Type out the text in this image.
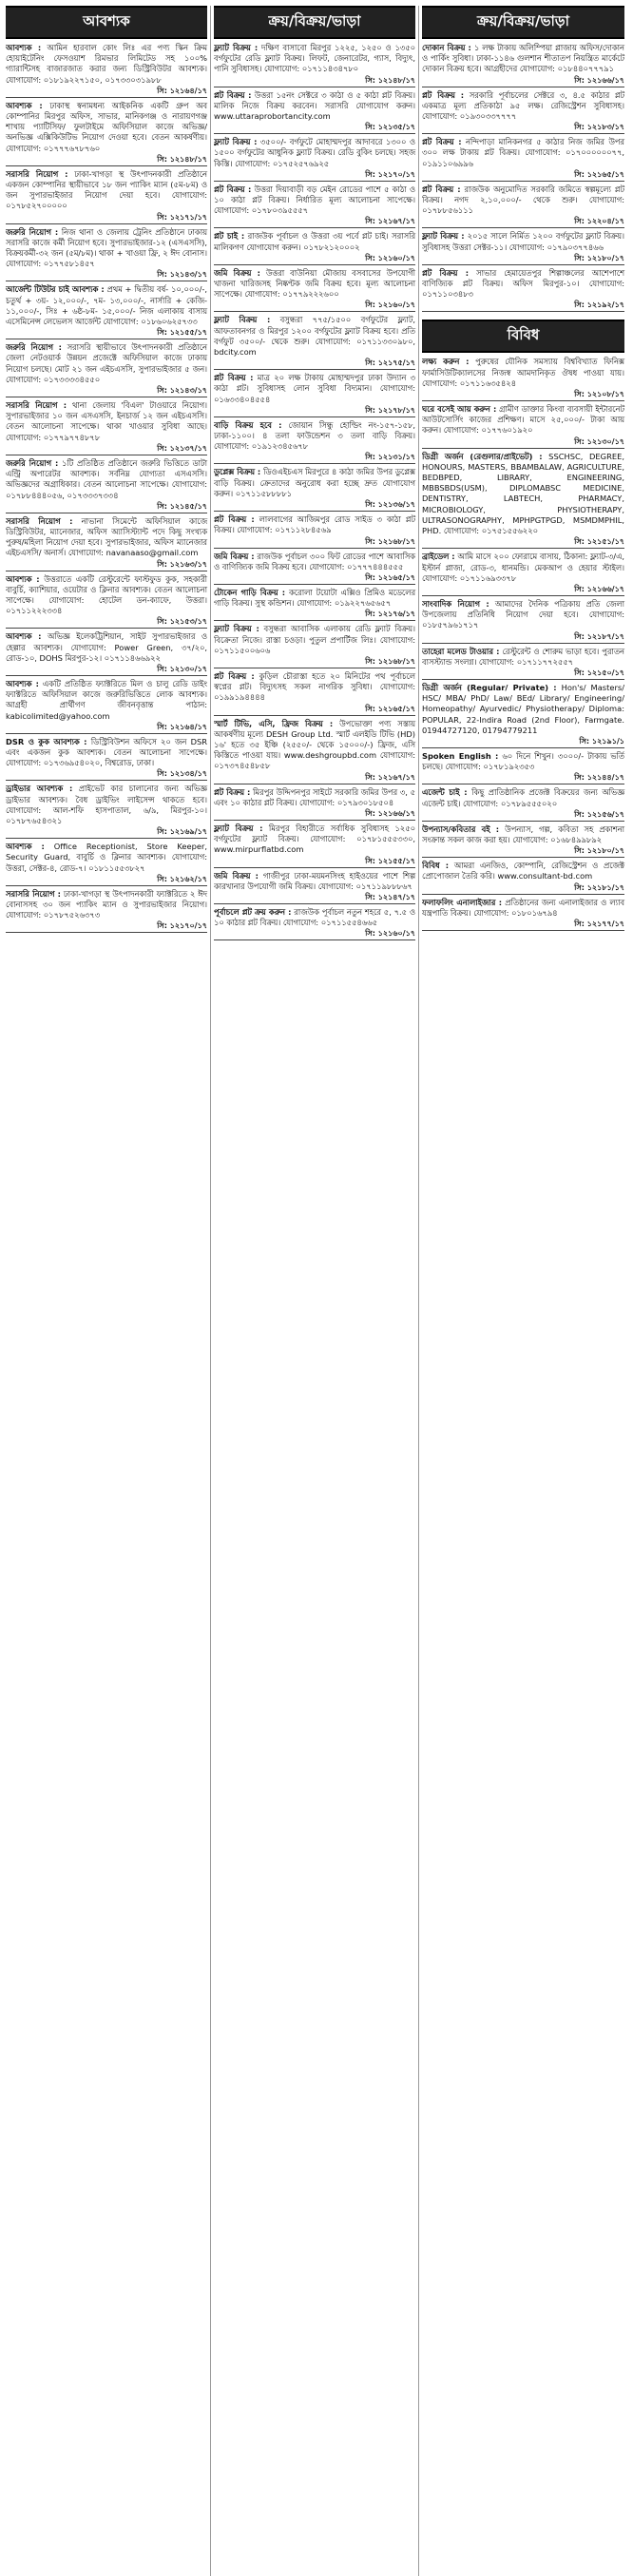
আবশ্যক

আবশ্যক : আমিন হারবাল কোং লিঃ এর পণ্য স্কিন ক্রিম হোয়াইটেনিং ফেসওয়াশ রিমভার লিমিটেড সহ ১০০% গ্যারান্টিসহ বাজারজাত করার জন্য ডিস্ট্রিবিউটর আবশ্যক। যোগাযোগ: ০১৮১৯২২৭১৫০, ০১৭৩৩০৩১৯৮৮

সি: ১২১৬৪/১৭

আবশ্যক : ঢাকাস্থ স্বনামধন্য আইকনিক একটি গ্রুপ অব কোম্পানির মিরপুর অফিস, সাভার, মানিকগঞ্জ ও নারায়ণগঞ্জ শাখায় প্যাটিসিফ/ ফুলটাইমে অফিসিয়াল কাজে অভিজ্ঞ/ অনভিজ্ঞ এক্সিকিউটিভ নিয়োগ দেওয়া হবে। বেতন আকর্ষণীয়। যোগাযোগ: ০১৭৭৭৬৭৮৭৬০

সি: ১২১৪৮/১৭

সরাসরি নিয়োগ : ঢাকা-খাগড়া স্থ উৎপাদনকারী প্রতিষ্ঠানে একজন কোম্পানির স্থায়ীভাবে ১৮ জন প্যাকিং ম্যান (৫ম-৮ম) ও জন সুপারভাইজার নিয়োগ দেয়া হবে। যোগাযোগ: ০১৭৮৫২৭০০০০০

সি: ১২১৭১/১৭

জরুরি নিয়োগ : নিজ থানা ও জেলায় ট্রেনিং প্রতিষ্ঠানে ঢাকায় সরাসরি কাজে কর্মী নিয়োগ হবে। সুপারভাইজার-১২ (এসএসসি), বিক্রয়কর্মী-৩২ জন (৫ম/৮ম)। থাকা + খাওয়া ফ্রি, ২ ঈদ বোনাস। যোগাযোগ: ০১৭৭৫৮১৪৫৭

সি: ১২১৪৩/১৭

আর্জেন্ট টিউটর চাই আবশ্যক : প্রথম + দ্বিতীয় বর্ষ- ১০,০০০/-, চতুর্থ + ৩য়- ১২,০০০/-, ৭ম- ১৩,০০০/-, নার্সারি + কেজি- ১১,০০০/-, সিঃ + ৬ষ্ঠ-৮ম- ১৫,০০০/- নিজ এলাকায় বাসায় এসেমিনেন্স লেভেলস আর্জেন্ট যোগাযোগ: ০১৮৬০৬২৫৭৩৩

সি: ১২১৫৫/১৭

জরুরি নিয়োগ : সরাসরি স্থায়ীভাবে উৎপাদনকারী প্রতিষ্ঠানে জেলা নেটওয়ার্ক উন্নয়ন প্রজেক্টে অফিসিয়াল কাজে ঢাকায় নিয়োগ চলছে। মোট ২১ জন এইচএসসি, সুপারভাইজার ৫ জন। যোগাযোগ: ০১৭৩৩৩৩৪৫৫০

সি: ১২১৪৩/১৭

সরাসরি নিয়োগ : থানা জেলায় 'বিএল' টাওয়ারে নিয়োগ। সুপারভাইজার ১০ জন এসএসসি, ইনচার্জ ১২ জন এইচএসসি। বেতন আলোচনা সাপেক্ষে। থাকা খাওয়ার সুবিধা আছে। যোগাযোগ: ০১৭৭৯৭৭৪৮৭৮

সি: ১২১৩৭/১৭

জরুরি নিয়োগ : ১টি প্রতিষ্ঠিত প্রতিষ্ঠানে জরুরি ভিত্তিতে ডাটা এন্ট্রি অপারেটর আবশ্যক। সর্বনিম্ন যোগ্যতা এসএসসি। অভিজ্ঞদের অগ্রাধিকার। বেতন আলোচনা সাপেক্ষে। যোগাযোগ: ০১৭৮৮৪৪৪০৫৬, ০১৭৩৩৩৭৩৩৪

সি: ১২১৪৫/১৭

সরাসরি নিয়োগ : নাভানা সিমেন্টে অফিসিয়াল কাজে ডিস্ট্রিবিউটর, ম্যানেজার, অফিস অ্যাসিস্ট্যান্ট পদে কিছু সংখ্যক পুরুষ/মহিলা নিয়োগ দেয়া হবে। সুপারভাইজার, অফিস ম্যানেজার এইচএসসি/ অনার্স। যোগাযোগ: navanaaso@gmail.com

সি: ১২১৬৩/১৭

আবশ্যক : উত্তরাতে একটি রেস্টুরেন্টে ফাস্টফুড কুক, সহকারী বাবুর্চি, ক্যাশিয়ার, ওয়েটার ও ক্লিনার আবশ্যক। বেতন আলোচনা সাপেক্ষে। যোগাযোগ: হোটেল ডন-ক্যাফে, উত্তরা। ০১৭১১২২২৩৩৪

সি: ১২১৫৩/১৭

আবশ্যক : অভিজ্ঞ ইলেকট্রিশিয়ান, সাইট সুপারভাইজার ও হেল্পার আবশ্যক। যোগাযোগ: Power Green, ৩৭/২০, রোড-১০, DOHS মিরপুর-১২। ০১৭১১৪৬৬৯২২

সি: ১২১৩০/১৭

আবশ্যক : একটি প্রতিষ্ঠিত ফ্যাক্টরিতে মিল ও চালু রেডি ডাইং ফ্যাক্টরিতে অফিসিয়াল কাজে জরুরিভিত্তিতে লোক আবশ্যক। আগ্রহী প্রার্থীগণ জীবনবৃত্তান্ত পাঠান: kabicolimited@yahoo.com

সি: ১২১৬৪/১৭

DSR ও কুক আবশ্যক : ডিস্ট্রিবিউশন অফিসে ২০ জন DSR এবং একজন কুক আবশ্যক। বেতন আলোচনা সাপেক্ষে। যোগাযোগ: ০১৭৩৬৯৫৪০২০, বিশ্বরোড, ঢাকা।

সি: ১২১৩৪/১৭

ড্রাইভার আবশ্যক : প্রাইভেট কার চালানোর জন্য অভিজ্ঞ ড্রাইভার আবশ্যক। বৈধ ড্রাইভিং লাইসেন্স থাকতে হবে। যোগাযোগ: আল-শফি হাসপাতাল, ৬/৯, মিরপুর-১০। ০১৭৮৭৬৫৪৩২১

সি: ১২১৬৯/১৭

আবশ্যক : Office Receptionist, Store Keeper, Security Guard, বাবুর্চি ও ক্লিনার আবশ্যক। যোগাযোগ: উত্তরা, সেক্টর-৪, রোড-৭। ০১৮১১৫৫৩৮২৭

সি: ১২১৬২/১৭

সরাসরি নিয়োগ : ঢাকা-খাগড়া স্থ উৎপাদনকারী ফ্যাক্টরিতে ২ ঈদ বোনাসসহ ৩০ জন প্যাকিং ম্যান ও সুপারভাইজার নিয়োগ। যোগাযোগ: ০১৭৮৭৫২৬৩৭৩

সি: ১২১৭০/১৭
ক্রয়/বিক্রয়/ভাড়া

ফ্ল্যাট বিক্রয় : দক্ষিণ বাসাবো মিরপুর ১২২৫, ১২৫০ ও ১৩৫০ বর্গফুটের রেডি ফ্ল্যাট বিক্রয়। লিফট, জেনারেটর, গ্যাস, বিদ্যুৎ, পানি সুবিধাসহ। যোগাযোগ: ০১৭১১৪৩৪৭৮০

সি: ১২১৪৮/১৭

প্লট বিক্রয় : উত্তরা ১৫নং সেক্টরে ৩ কাঠা ও ৫ কাঠা প্লট বিক্রয়। মালিক নিজে বিক্রয় করবেন। সরাসরি যোগাযোগ করুন। www.uttaraprobortancity.com

সি: ১২১৩৫/১৭

ফ্ল্যাট বিক্রয় : ৩৫০০/- বর্গফুটে মোহাম্মদপুর আদাবরে ১৩০০ ও ১৫০০ বর্গফুটের আধুনিক ফ্ল্যাট বিক্রয়। রেডি বুকিং চলছে। সহজ কিস্তি। যোগাযোগ: ০১৭৫২৫৭৬৯২৫

সি: ১২১৭০/১৭

প্লট বিক্রয় : উত্তরা দিয়াবাড়ী বড় মেইন রোডের পাশে ৫ কাঠা ও ১০ কাঠা প্লট বিক্রয়। নির্ধারিত মূল্য আলোচনা সাপেক্ষে। যোগাযোগ: ০১৭৮০৩৯৫৫৫৭

সি: ১২১৬৭/১৭

প্লট চাই : রাজউক পূর্বাচল ও উত্তরা ৩য় পর্বে প্লট চাই। সরাসরি মালিকগণ যোগাযোগ করুন। ০১৭৮২১২০০০২

সি: ১২১৬০/১৭

জমি বিক্রয় : উত্তরা বাউনিয়া মৌজায় বসবাসের উপযোগী খাজনা খারিজসহ নিষ্কণ্টক জমি বিক্রয় হবে। মূল্য আলোচনা সাপেক্ষে। যোগাযোগ: ০১৭৭৯২২২৬০০

সি: ১২১৬০/১৭

ফ্ল্যাট বিক্রয় : বসুন্ধরা ৭৭৫/১৫০০ বর্গফুটের ফ্ল্যাট, আফতাবনগর ও মিরপুর ১২০০ বর্গফুটের ফ্ল্যাট বিক্রয় হবে। প্রতি বর্গফুট ৩৫০০/- থেকে শুরু। যোগাযোগ: ০১৭১১৩৩০৯৮০, bdcity.com

সি: ১২১৭৫/১৭

প্লট বিক্রয় : মাত্র ২০ লক্ষ টাকায় মোহাম্মদপুর ঢাকা উদ্যান ৩ কাঠা প্লট। সুবিধাসহ লোন সুবিধা বিদ্যমান। যোগাযোগ: ০১৬৩৩৪০৪৫৫৪

সি: ১২১৭৮/১৭

বাড়ি বিক্রয় হবে : জোয়ান সিন্ধু হোল্ডিং নং-১৫৭-১৫৮, ঢাকা-১১০০। ৪ তলা ফাউন্ডেশন ৩ তলা বাড়ি বিক্রয়। যোগাযোগ: ০১৯১২৩৪৫৬৭৮

সি: ১২১৩১/১৭

ডুপ্লেক্স বিক্রয় : ডিওএইচএস মিরপুরে ৪ কাঠা জমির উপর ডুপ্লেক্স বাড়ি বিক্রয়। ক্রেতাদের অনুরোধ করা হচ্ছে দ্রুত যোগাযোগ করুন। ০১৭১১৫৮৮৮৮১

সি: ১২১৩৬/১৭

প্লট বিক্রয় : লালবাগের আজিমপুর রোড সাইড ৩ কাঠা প্লট বিক্রয়। যোগাযোগ: ০১৭১১২৮৪৫৬৯

সি: ১২১৬৮/১৭

জমি বিক্রয় : রাজউক পূর্বাচল ৩০০ ফিট রোডের পাশে আবাসিক ও বাণিজ্যিক জমি বিক্রয় হবে। যোগাযোগ: ০১৭৭৭৪৪৪৫৫৫

সি: ১২১৬৫/১৭

টোকেন গাড়ি বিক্রয় : করোলা টয়োটা এক্সিও প্রিমিও মডেলের গাড়ি বিক্রয়। সুস্থ কন্ডিশন। যোগাযোগ: ০১৯২২৭৬৫৬৫৭

সি: ১২১৭৬/১৭

ফ্ল্যাট বিক্রয় : বসুন্ধরা আবাসিক এলাকায় রেডি ফ্ল্যাট বিক্রয়। বিক্রেতা নিজে। রাস্তা চওড়া। পুতুল প্রপার্টিজ লিঃ। যোগাযোগ: ০১৭১১৫০০৬০৬

সি: ১২১৬৮/১৭

প্লট বিক্রয় : কুড়িল চৌরাস্তা হতে ২০ মিনিটের পথ পূর্বাচলে স্বপ্নের প্লট। বিদ্যুৎসহ সকল নাগরিক সুবিধা। যোগাযোগ: ০১৯৯১৯৪৪৪৪

সি: ১২১৬৫/১৭

স্মার্ট টিভি, এসি, ফ্রিজ বিক্রয় : উপভোক্তা পণ্য সস্তায় আকর্ষণীয় মূল্যে DESH Group Ltd. স্মার্ট এলইডি টিভি (HD) ১৬' হতে ৩৫ ইঞ্চি (২৫৫০/- থেকে ১৫০০০/-) ফ্রিজ, এসি কিস্তিতে পাওয়া যায়। www.deshgroupbd.com যোগাযোগ: ০১৭৩৭৪৫৪৮৫৮

সি: ১২১৬৭/১৭

প্লট বিক্রয় : মিরপুর উদ্দিপনপুর সাইটে সরকারি জমির উপর ৩, ৫ এবং ১০ কাঠার প্লট বিক্রয়। যোগাযোগ: ০১৭৯৩০১৮৫০৪

সি: ১২১৬৬/১৭

ফ্ল্যাট বিক্রয় : মিরপুর বিহারীতে সর্বাধিক সুবিধাসহ ১২৫০ বর্গফুটের ফ্ল্যাট বিক্রয়। যোগাযোগ: ০১৭৮১৫৫৫৩৩০, www.mirpurflatbd.com

সি: ১২১৫৫/১৭

জমি বিক্রয় : গাজীপুর ঢাকা-ময়মনসিংহ হাইওয়ের পাশে শিল্প কারখানার উপযোগী জমি বিক্রয়। যোগাযোগ: ০১৭১১৯৮৮৮৬৭

সি: ১২১৪৭/১৭

পূর্বাচলে প্লট ক্রয় করুন : রাজউক পূর্বাচল নতুন শহরে ৫, ৭.৫ ও ১০ কাঠার প্লট বিক্রয়। যোগাযোগ: ০১৭১১৫৫৪৬৬৫

সি: ১২১৬০/১৭
ক্রয়/বিক্রয়/ভাড়া

দোকান বিক্রয় : ১ লক্ষ টাকায় অলিম্পিয়া প্লাজায় অফিস/দোকান ও পার্কিং সুবিধা। ঢাকা-১১৪৬ গুলশান শীতাতপ নিয়ন্ত্রিত মার্কেটে দোকান বিক্রয় হবে। আগ্রহীদের যোগাযোগ: ০১৮৪৪০৭৭৭৯১

সি: ১২১৬৬/১৭

প্লট বিক্রয় : সরকারি পূর্বাচলের সেক্টরে ৩, ৪.৫ কাঠার প্লট একমাত্র মূল্য প্রতিকাঠা ৯৫ লক্ষ। রেজিস্ট্রেশন সুবিধাসহ। যোগাযোগ: ০১৯৩০৩৩৭৭৭৭

সি: ১২১৮৩/১৭

প্লট বিক্রয় : নন্দিপাড়া মানিকনগর ৫ কাঠার নিজ জমির উপর ৩০০ লক্ষ টাকায় প্লট বিক্রয়। যোগাযোগ: ০১৭০০০০০০৭৭, ০১৯১১০৬৯৯৬

সি: ১২১৬৫/১৭

প্লট বিক্রয় : রাজউক অনুমোদিত সরকারি জমিতে স্বল্পমূল্যে প্লট বিক্রয়। নগদ ২,১০,০০০/- থেকে শুরু। যোগাযোগ: ০১৭৮৮৫৬১১১

সি: ১২২০৪/১৭

ফ্ল্যাট বিক্রয় : ২০১৫ সালে নির্মিত ১২০০ বর্গফুটের ফ্ল্যাট বিক্রয়। সুবিধাসহ উত্তরা সেক্টর-১১। যোগাযোগ: ০১৭৯০৩৭৭৪৬৬

সি: ১২১৮০/১৭

প্লট বিক্রয় : সাভার হেমায়েতপুর শিল্পাঞ্চলের আশেপাশে বাণিজ্যিক প্লট বিক্রয়। অফিস মিরপুর-১০। যোগাযোগ: ০১৭১১০৩৪৮৩

সি: ১২১৯২/১৭
বিবিধ

লক্ষ্য করুন : পুরুষের যৌনিক সমস্যায় বিশ্ববিখ্যাত ফিনিক্স ফার্মাসিউটিক্যালসের নিজস্ব আমদানিকৃত ঔষধ পাওয়া যায়। যোগাযোগ: ০১৭১১৬৩৫৪২৪

সি: ১২১০৮/১৭

ঘরে বসেই আয় করুন : গ্রামীণ ডাক্তার কিংবা ব্যবসায়ী ইন্টারনেট আউটসোর্সিং কাজের প্রশিক্ষণ। মাসে ২৫,০০০/- টাকা আয় করুন। যোগাযোগ: ০১৭৭৬০১৯২০

সি: ১২১৩০/১৭

ডিগ্রী অর্জন (রেগুলার/প্রাইভেট) : SSCHSC, DEGREE, HONOURS, MASTERS, BBAMBALAW, AGRICULTURE, BEDBPED, LIBRARY, ENGINEERING, MBBSBDS(USM), DIPLOMABSC MEDICINE, DENTISTRY, LABTECH, PHARMACY, MICROBIOLOGY, PHYSIOTHERAPY, ULTRASONOGRAPHY, MPHPGTPGD, MSMDMPHIL, PHD. যোগাযোগ: ০১৭৫১৫৫৬২২০

সি: ১২১৫১/১৭

ব্রাইডেল : আমি মাসে ২০০ ফোরামে বাসায়, ঠিকানা: ফ্ল্যাট-৩/এ, ইস্টার্ন প্লাজা, রোড-৩, ধানমন্ডি। মেকআপ ও হেয়ার স্টাইল। যোগাযোগ: ০১৭১১৬৯৩৩৭৮

সি: ১২১৬৬/১৭

সাংবাদিক নিয়োগ : আমাদের দৈনিক পত্রিকায় প্রতি জেলা উপজেলায় প্রতিনিধি নিয়োগ দেয়া হবে। যোগাযোগ: ০১৮৫৭৯৬১৭১৭

সি: ১২১৮৭/১৭

তাহেরা মলেড টাওয়ার : রেস্টুরেন্ট ও শোরুম ভাড়া হবে। পুরাতন বাসস্ট্যান্ড সংলগ্ন। যোগাযোগ: ০১৭১১৭৭২৫৫৭

সি: ১২১৫০/১৭

ডিগ্রী অর্জন (Regular/ Private) : Hon's/ Masters/ HSC/ MBA/ PhD/ Law/ BEd/ Library/ Engineering/ Homeopathy/ Ayurvedic/ Physiotherapy/ Diploma: POPULAR, 22-Indira Road (2nd Floor), Farmgate. 01944727120, 01794779211

সি: ১২১৯১/১

Spoken English : ৬০ দিনে শিখুন। ৩০০০/- টাকায় ভর্তি চলছে। যোগাযোগ: ০১৭৮১৯২৩৫৩

সি: ১২১৪৪/১৭

এজেন্ট চাই : কিছু প্রাতিষ্ঠানিক প্রজেক্ট বিক্রয়ের জন্য অভিজ্ঞ এজেন্ট চাই। যোগাযোগ: ০১৭৮৯৫৫৫০২০

সি: ১২১৫৬/১৭

উপন্যাস/কবিতার বই : উপন্যাস, গল্প, কবিতা সহ প্রকাশনা সংক্রান্ত সকল কাজ করা হয়। যোগাযোগ: ০১৬৮৪৯৯৮৯২

সি: ১২১৮০/১৭

বিবিধ : আমরা এনজিও, কোম্পানি, রেজিস্ট্রেশন ও প্রজেক্ট প্রোপোজাল তৈরি করি। www.consultant-bd.com

সি: ১২১৮১/১৭

ফলাফলিং এনালাইজার : প্রতিষ্ঠানের জন্য এনালাইজার ও ল্যাব যন্ত্রপাতি বিক্রয়। যোগাযোগ: ০১৮০১৬৭৯৪

সি: ১২১৭৭/১৭
